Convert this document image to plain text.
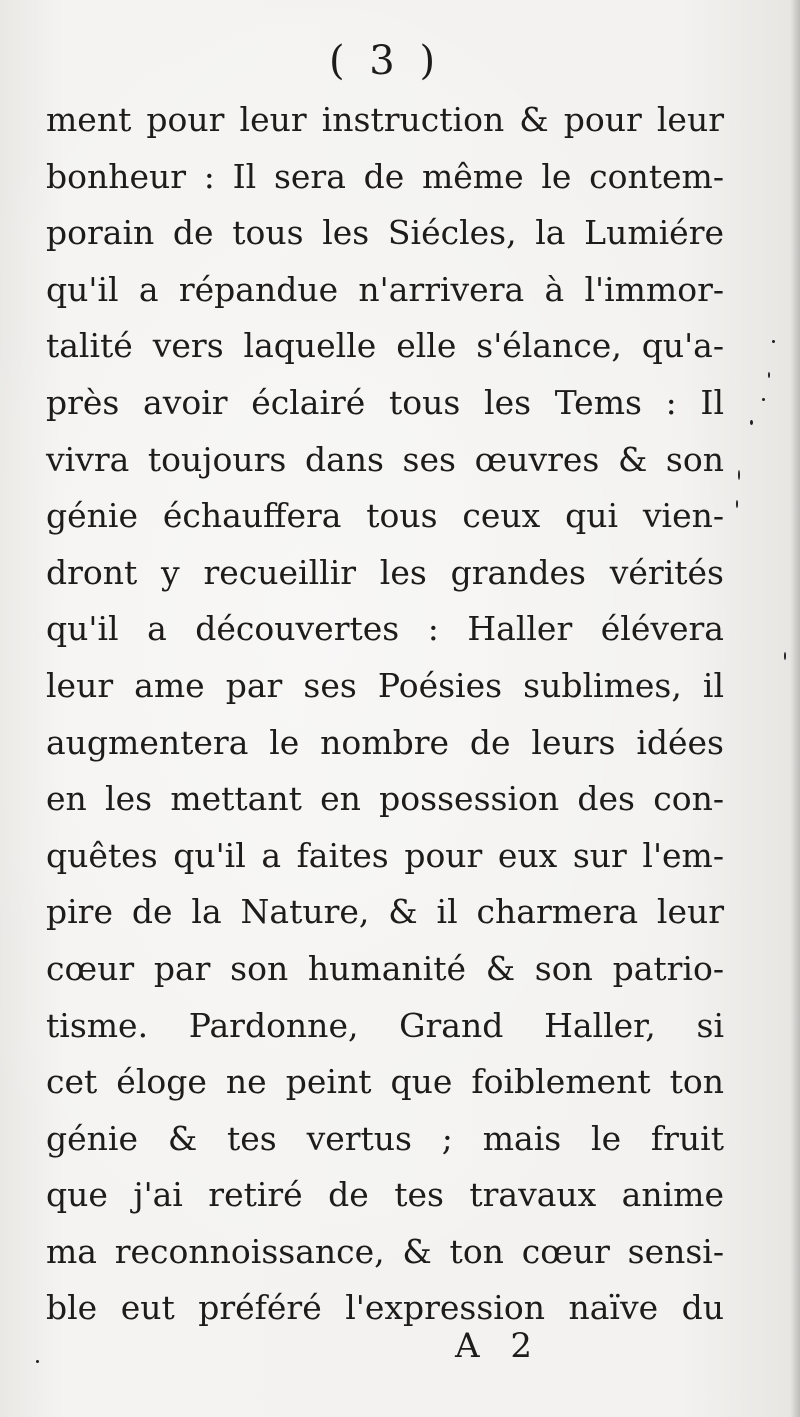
( 3 )
ment pour leur instruction & pour leur
bonheur : Il sera de même le contem-
porain de tous les Siécles, la Lumiére
qu'il a répandue n'arrivera à l'immor-
talité vers laquelle elle s'élance, qu'a-
près avoir éclairé tous les Tems : Il
vivra toujours dans ses œuvres & son
génie échauffera tous ceux qui vien-
dront y recueillir les grandes vérités
qu'il a découvertes : Haller élévera
leur ame par ses Poésies sublimes, il
augmentera le nombre de leurs idées
en les mettant en possession des con-
quêtes qu'il a faites pour eux sur l'em-
pire de la Nature, & il charmera leur
cœur par son humanité & son patrio-
tisme. Pardonne, Grand Haller, si
cet éloge ne peint que foiblement ton
génie & tes vertus ; mais le fruit
que j'ai retiré de tes travaux anime
ma reconnoissance, & ton cœur sensi-
ble eut préféré l'expression naïve du
A 2
